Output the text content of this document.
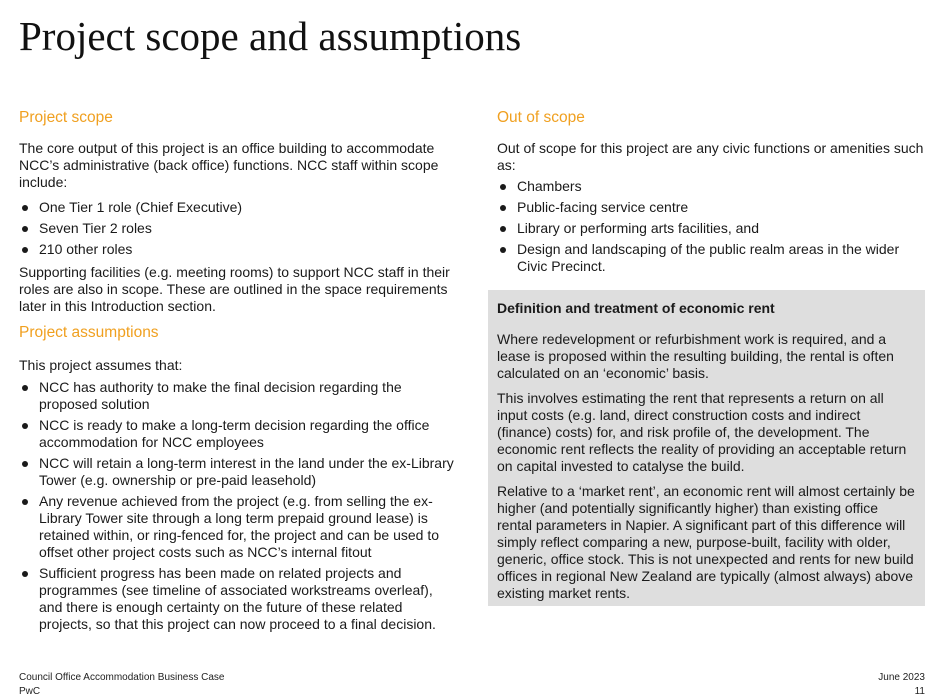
Project scope and assumptions
Project scope

The core output of this project is an office building to accommodate NCC’s administrative (back office) functions. NCC staff within scope include:

One Tier 1 role (Chief Executive)
Seven Tier 2 roles
210 other roles

Supporting facilities (e.g. meeting rooms) to support NCC staff in their roles are also in scope. These are outlined in the space requirements later in this Introduction section.

Project assumptions

This project assumes that:

NCC has authority to make the final decision regarding the proposed solution
NCC is ready to make a long-term decision regarding the office accommodation for NCC employees
NCC will retain a long-term interest in the land under the ex-Library Tower (e.g. ownership or pre-paid leasehold)
Any revenue achieved from the project (e.g. from selling the ex-Library Tower site through a long term prepaid ground lease) is retained within, or ring-fenced for, the project and can be used to offset other project costs such as NCC’s internal fitout
Sufficient progress has been made on related projects and programmes (see timeline of associated workstreams overleaf), and there is enough certainty on the future of these related projects, so that this project can now proceed to a final decision.
Out of scope

Out of scope for this project are any civic functions or amenities such as:

Chambers
Public-facing service centre
Library or performing arts facilities, and
Design and landscaping of the public realm areas in the wider Civic Precinct.

Definition and treatment of economic rent

Where redevelopment or refurbishment work is required, and a lease is proposed within the resulting building, the rental is often calculated on an ‘economic’ basis.

This involves estimating the rent that represents a return on all input costs (e.g. land, direct construction costs and indirect (finance) costs) for, and risk profile of, the development. The economic rent reflects the reality of providing an acceptable return on capital invested to catalyse the build.

Relative to a ‘market rent’, an economic rent will almost certainly be higher (and potentially significantly higher) than existing office rental parameters in Napier. A significant part of this difference will simply reflect comparing a new, purpose-built, facility with older, generic, office stock. This is not unexpected and rents for new build offices in regional New Zealand are typically (almost always) above existing market rents.

Council Office Accommodation Business Case	June 2023
PwC	11
